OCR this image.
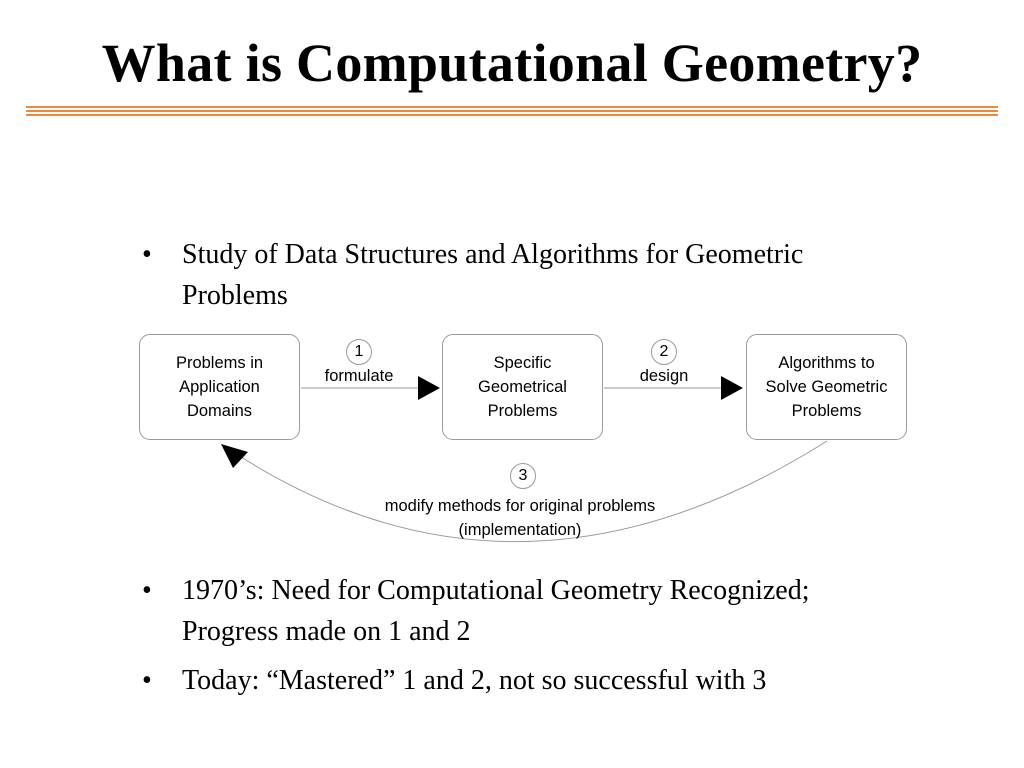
What is Computational Geometry?
• Study of Data Structures and Algorithms for Geometric
Problems
Problems in
Application
Domains
Specific
Geometrical
Problems
Algorithms to
Solve Geometric
Problems
1
formulate
2
design
3
modify methods for original problems
(implementation)
• 1970’s: Need for Computational Geometry Recognized;
Progress made on 1 and 2
• Today: “Mastered” 1 and 2, not so successful with 3
